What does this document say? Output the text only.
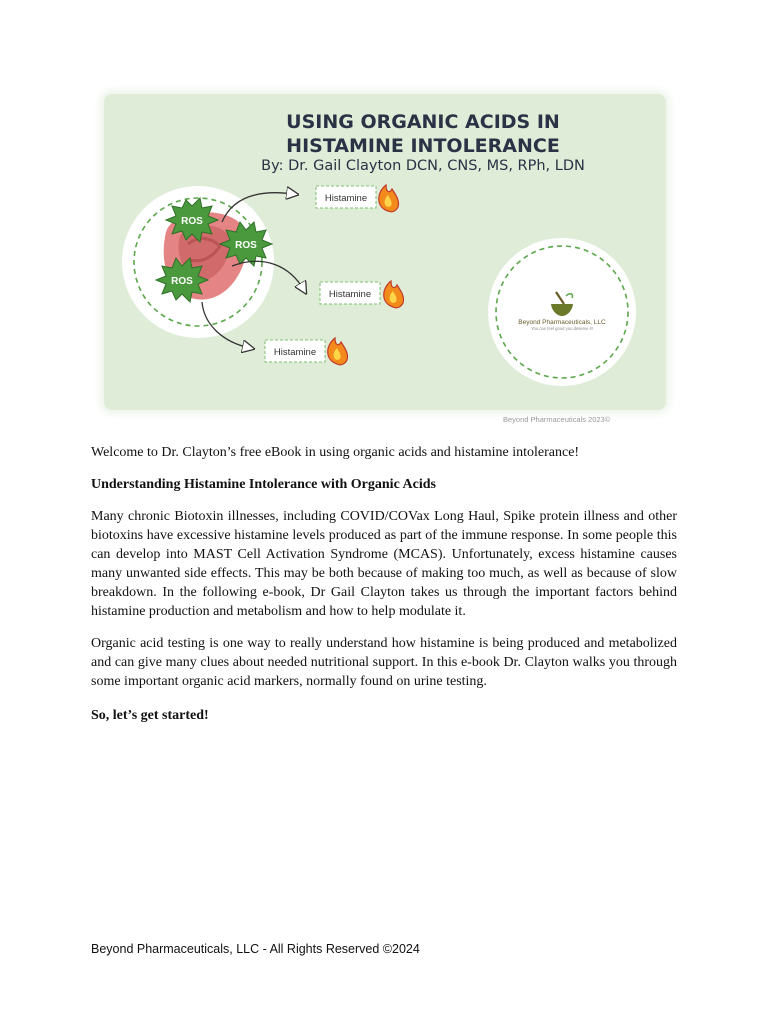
ROS
ROS
ROS
Histamine
Histamine
Histamine
Beyond Pharmaceuticals, LLC
You can feel good you deserve it!
USING ORGANIC ACIDS IN
HISTAMINE INTOLERANCE
By: Dr. Gail Clayton DCN, CNS, MS, RPh, LDN
Beyond Pharmaceuticals 2023©
Welcome to Dr. Clayton’s free eBook in using organic acids and histamine intolerance!
Understanding Histamine Intolerance with Organic Acids
Many chronic Biotoxin illnesses, including COVID/COVax Long Haul, Spike protein illness and other biotoxins have excessive histamine levels produced as part of the immune response. In some people this can develop into MAST Cell Activation Syndrome (MCAS). Unfortunately, excess histamine causes many unwanted side effects. This may be both because of making too much, as well as because of slow breakdown. In the following e-book, Dr Gail Clayton takes us through the important factors behind histamine production and metabolism and how to help modulate it.
Organic acid testing is one way to really understand how histamine is being produced and metabolized and can give many clues about needed nutritional support. In this e-book Dr. Clayton walks you through some important organic acid markers, normally found on urine testing.
So, let’s get started!
Beyond Pharmaceuticals, LLC - All Rights Reserved ©2024
